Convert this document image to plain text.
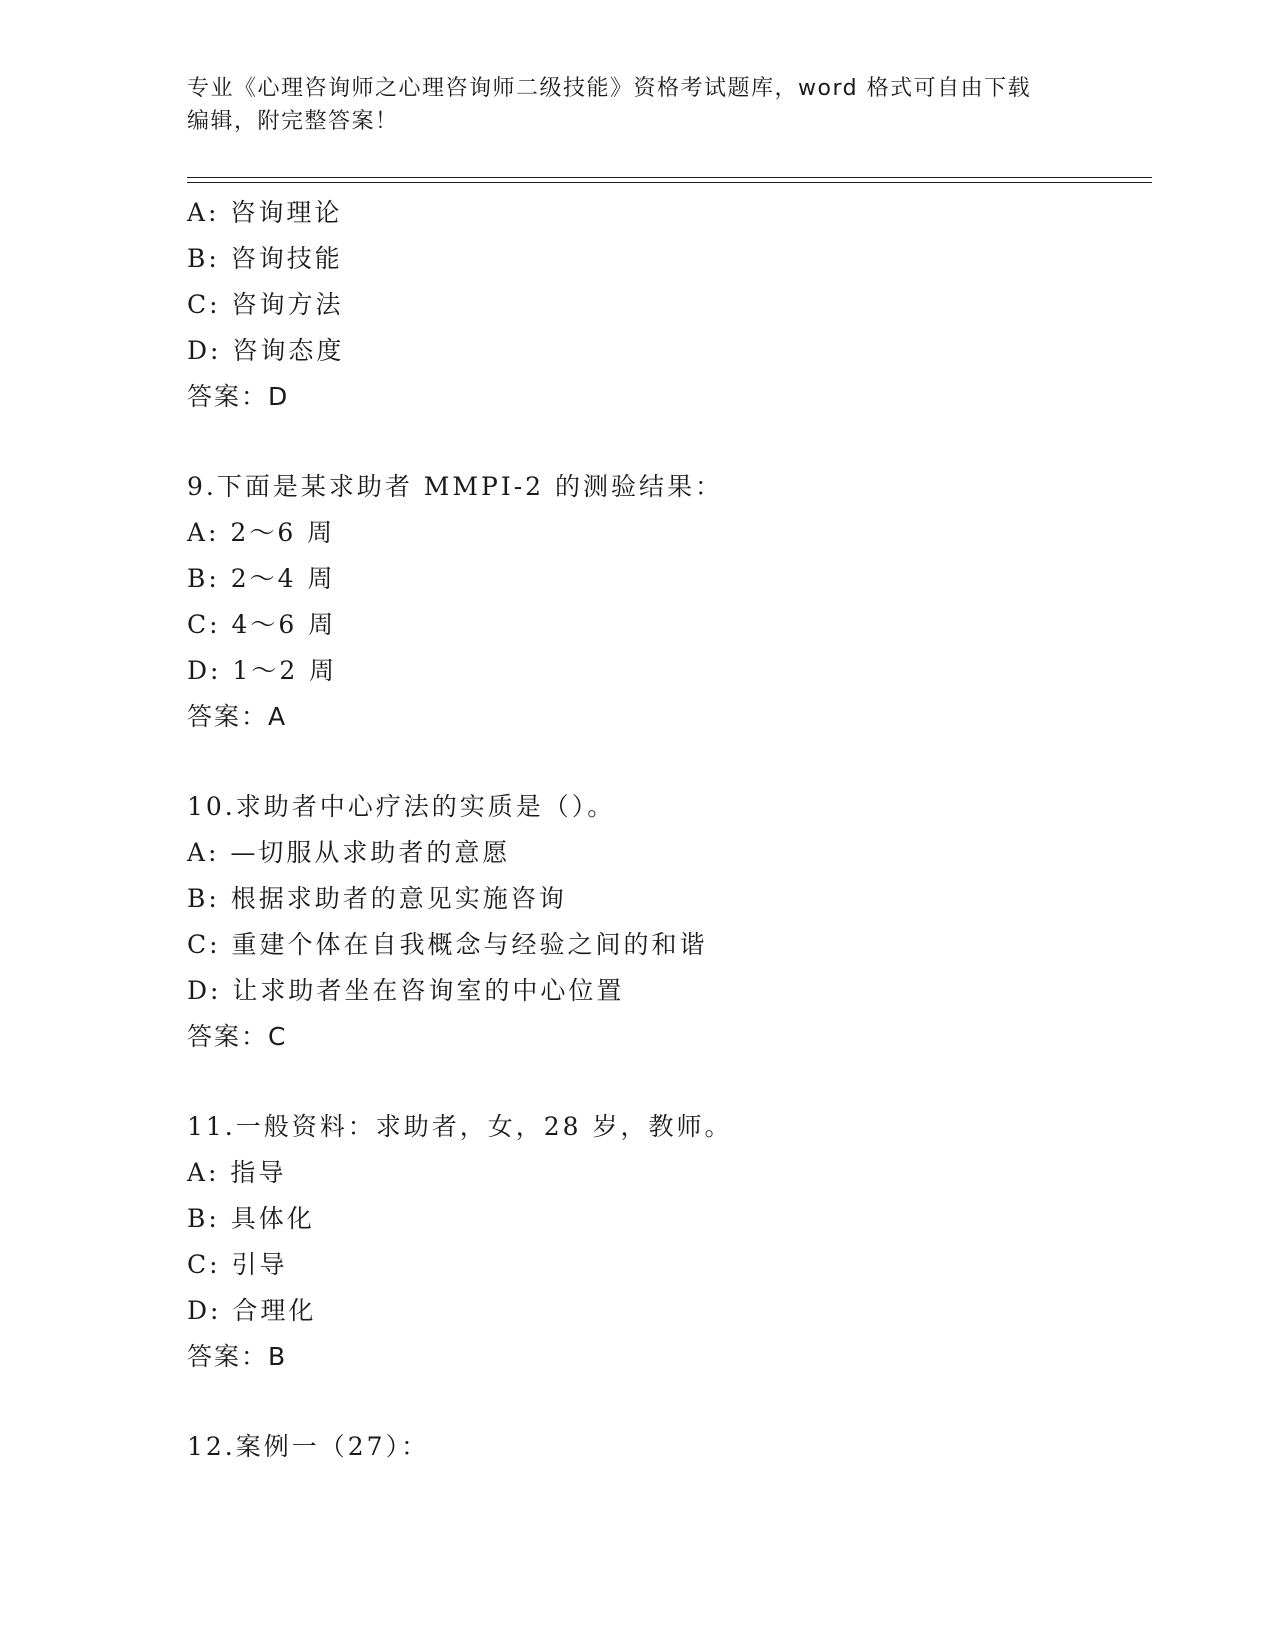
专业《心理咨询师之心理咨询师二级技能》资格考试题库，word 格式可自由下载
编辑，附完整答案！
A: 咨询理论
B: 咨询技能
C: 咨询方法
D: 咨询态度
答案：D
9.下面是某求助者 MMPI-2 的测验结果：
A: 2～6 周
B: 2～4 周
C: 4～6 周
D: 1～2 周
答案：A
10.求助者中心疗法的实质是（）。
A: —切服从求助者的意愿
B: 根据求助者的意见实施咨询
C: 重建个体在自我概念与经验之间的和谐
D: 让求助者坐在咨询室的中心位置
答案：C
11.一般资料：求助者，女，28 岁，教师。
A: 指导
B: 具体化
C: 引导
D: 合理化
答案：B
12.案例一（27）：
